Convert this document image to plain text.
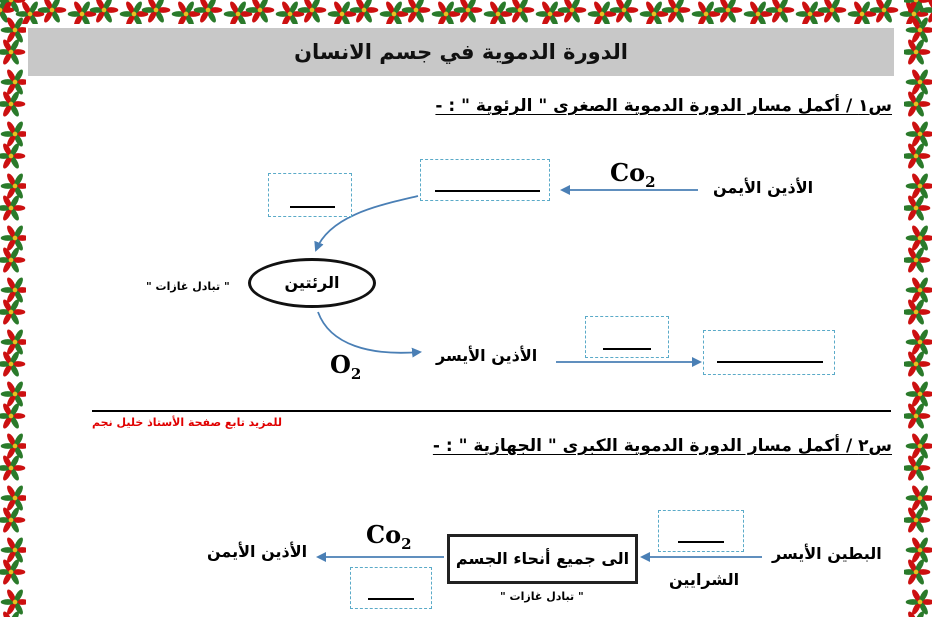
الدورة الدموية في جسم الانسان
س١ / أكمل مسار الدورة الدموية الصغرى " الرئوية " : -
الأذين الأيمن
$Co_2$
الرئتين
" تبادل غازات "
$O_2$
الأذين الأيسر
للمزيد تابع صفحة الأستاذ خليل نجم
س٢ / أكمل مسار الدورة الدموية الكبرى " الجهازية " : -
البطين الأيسر
الشرايين
الى جميع أنحاء الجسم
" تبادل غازات "
$Co_2$
الأذين الأيمن
